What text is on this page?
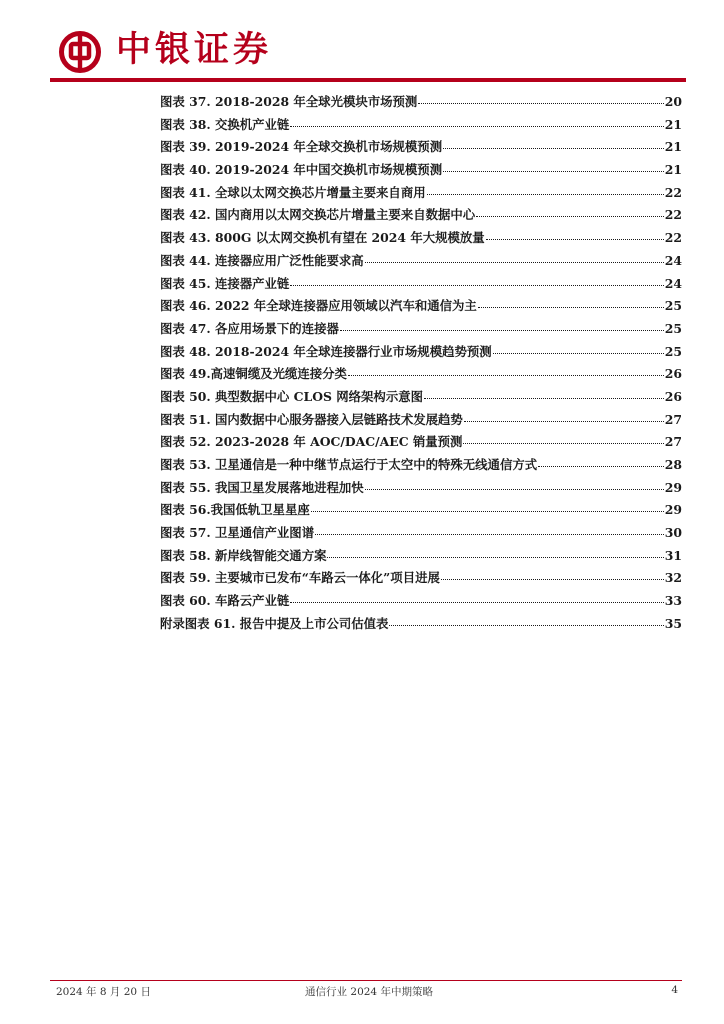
中银证券
图表 37. 2018-2028 年全球光模块市场预测	20
图表 38. 交换机产业链	21
图表 39. 2019-2024 年全球交换机市场规模预测	21
图表 40. 2019-2024 年中国交换机市场规模预测	21
图表 41. 全球以太网交换芯片增量主要来自商用	22
图表 42. 国内商用以太网交换芯片增量主要来自数据中心	22
图表 43. 800G 以太网交换机有望在 2024 年大规模放量	22
图表 44. 连接器应用广泛性能要求高	24
图表 45. 连接器产业链	24
图表 46. 2022 年全球连接器应用领域以汽车和通信为主	25
图表 47. 各应用场景下的连接器	25
图表 48. 2018-2024 年全球连接器行业市场规模趋势预测	25
图表 49.高速铜缆及光缆连接分类	26
图表 50. 典型数据中心 CLOS 网络架构示意图	26
图表 51. 国内数据中心服务器接入层链路技术发展趋势	27
图表 52. 2023-2028 年 AOC/DAC/AEC 销量预测	27
图表 53. 卫星通信是一种中继节点运行于太空中的特殊无线通信方式	28
图表 55. 我国卫星发展落地进程加快	29
图表 56.我国低轨卫星星座	29
图表 57. 卫星通信产业图谱	30
图表 58. 新岸线智能交通方案	31
图表 59. 主要城市已发布“车路云一体化”项目进展	32
图表 60. 车路云产业链	33
附录图表 61. 报告中提及上市公司估值表	35
2024 年 8 月 20 日	通信行业 2024 年中期策略	4
